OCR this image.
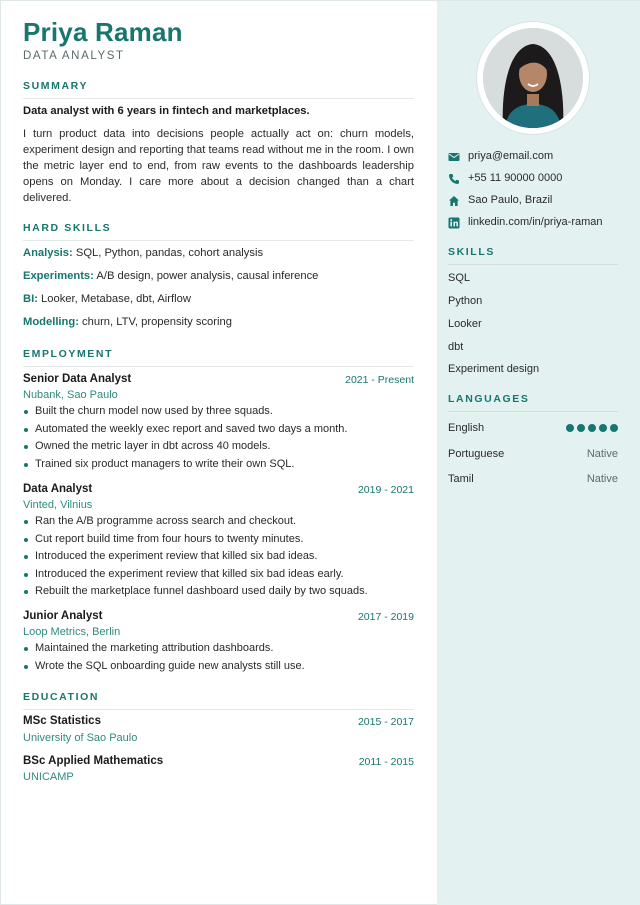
Priya Raman
DATA ANALYST
SUMMARY
Data analyst with 6 years in fintech and marketplaces.
I turn product data into decisions people actually act on: churn models, experiment design and reporting that teams read without me in the room. I own the metric layer end to end, from raw events to the dashboards leadership opens on Monday. I care more about a decision changed than a chart delivered.
HARD SKILLS
Analysis: SQL, Python, pandas, cohort analysis
Experiments: A/B design, power analysis, causal inference
BI: Looker, Metabase, dbt, Airflow
Modelling: churn, LTV, propensity scoring
EMPLOYMENT
Senior Data Analyst	2021 - Present
Nubank, Sao Paulo
Built the churn model now used by three squads.
Automated the weekly exec report and saved two days a month.
Owned the metric layer in dbt across 40 models.
Trained six product managers to write their own SQL.
Data Analyst	2019 - 2021
Vinted, Vilnius
Ran the A/B programme across search and checkout.
Cut report build time from four hours to twenty minutes.
Introduced the experiment review that killed six bad ideas.
Introduced the experiment review that killed six bad ideas early.
Rebuilt the marketplace funnel dashboard used daily by two squads.
Junior Analyst	2017 - 2019
Loop Metrics, Berlin
Maintained the marketing attribution dashboards.
Wrote the SQL onboarding guide new analysts still use.
EDUCATION
MSc Statistics	2015 - 2017
University of Sao Paulo
BSc Applied Mathematics	2011 - 2015
UNICAMP
priya@email.com
+55 11 90000 0000
Sao Paulo, Brazil
linkedin.com/in/priya-raman
SKILLS
SQL
Python
Looker
dbt
Experiment design
LANGUAGES
English
Portuguese	Native
Tamil	Native
